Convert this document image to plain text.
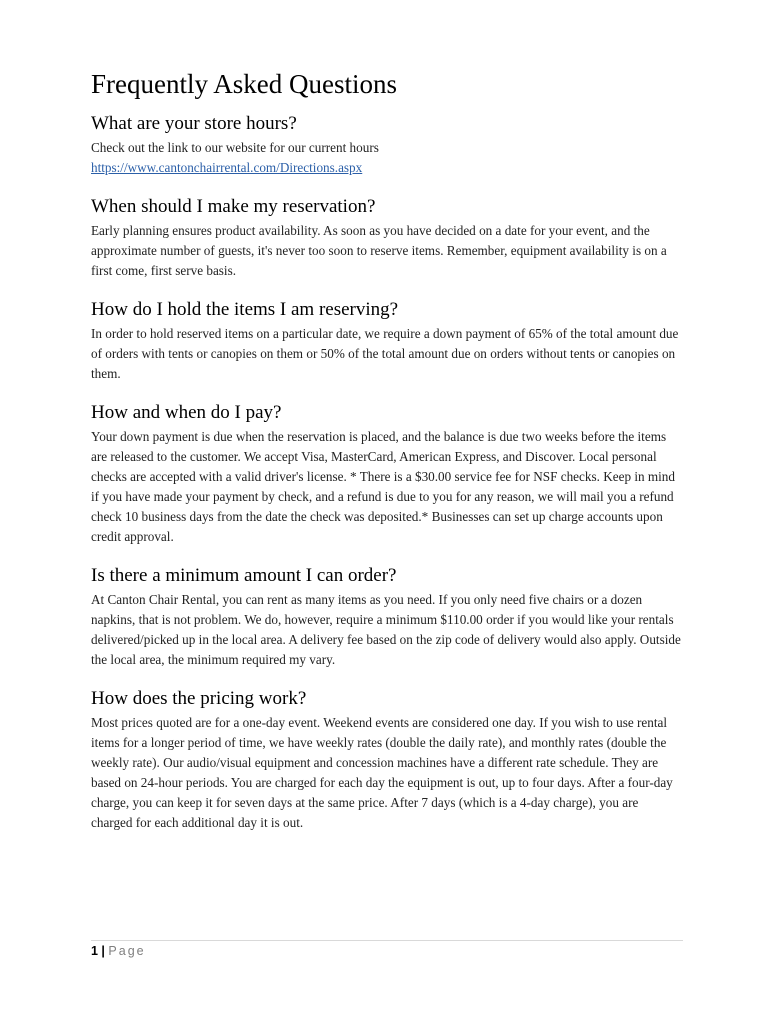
Frequently Asked Questions
What are your store hours?

Check out the link to our website for our current hours
https://www.cantonchairrental.com/Directions.aspx

When should I make my reservation?

Early planning ensures product availability. As soon as you have decided on a date for your event, and the approximate number of guests, it's never too soon to reserve items. Remember, equipment availability is on a first come, first serve basis.

How do I hold the items I am reserving?

In order to hold reserved items on a particular date, we require a down payment of 65% of the total amount due of orders with tents or canopies on them or 50% of the total amount due on orders without tents or canopies on them.

How and when do I pay?

Your down payment is due when the reservation is placed, and the balance is due two weeks before the items are released to the customer. We accept Visa, MasterCard, American Express, and Discover. Local personal checks are accepted with a valid driver's license. * There is a $30.00 service fee for NSF checks. Keep in mind if you have made your payment by check, and a refund is due to you for any reason, we will mail you a refund check 10 business days from the date the check was deposited.* Businesses can set up charge accounts upon credit approval.

Is there a minimum amount I can order?

At Canton Chair Rental, you can rent as many items as you need. If you only need five chairs or a dozen napkins, that is not problem. We do, however, require a minimum $110.00 order if you would like your rentals delivered/picked up in the local area. A delivery fee based on the zip code of delivery would also apply. Outside the local area, the minimum required my vary.

How does the pricing work?

Most prices quoted are for a one-day event. Weekend events are considered one day. If you wish to use rental items for a longer period of time, we have weekly rates (double the daily rate), and monthly rates (double the weekly rate). Our audio/visual equipment and concession machines have a different rate schedule. They are based on 24-hour periods. You are charged for each day the equipment is out, up to four days. After a four-day charge, you can keep it for seven days at the same price. After 7 days (which is a 4-day charge), you are charged for each additional day it is out.

1 | Page
